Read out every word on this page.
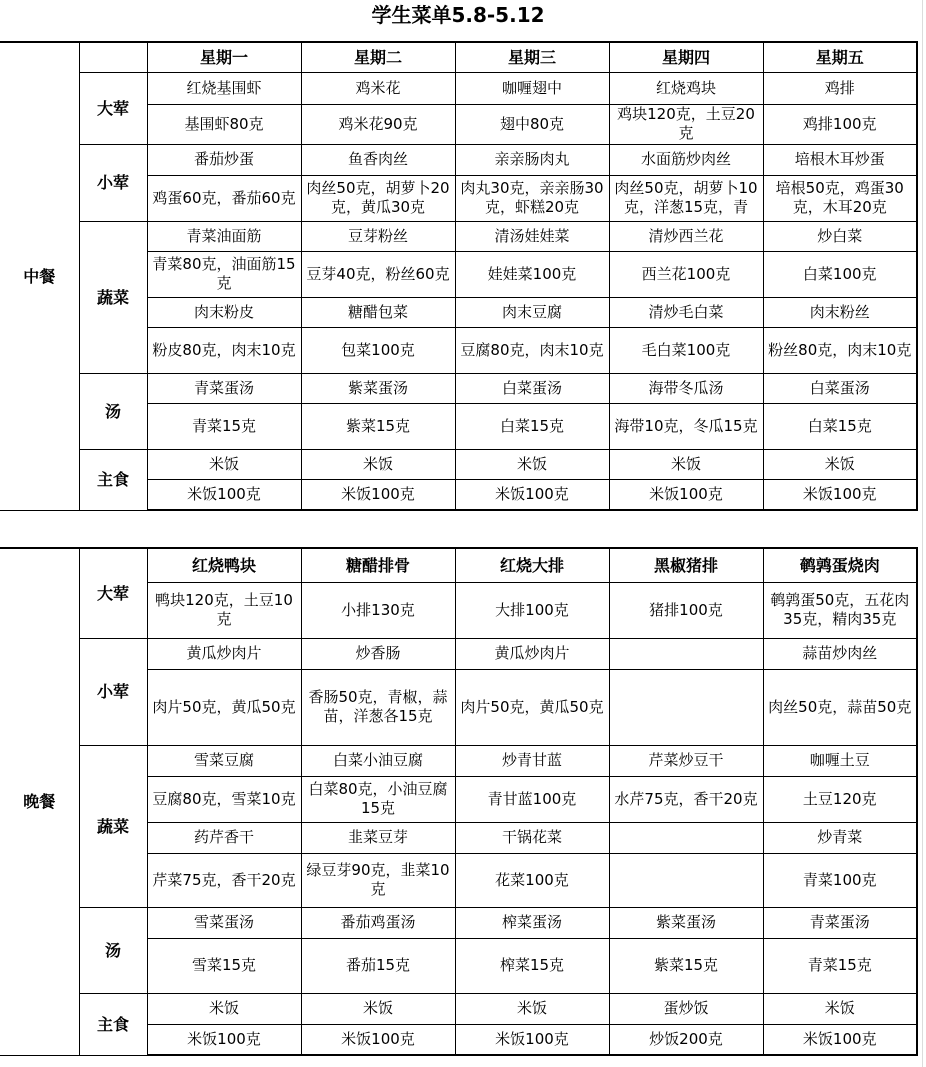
学生菜单5.8-5.12
中餐		星期一	星期二	星期三	星期四	星期五
	大荤	红烧基围虾	鸡米花	咖喱翅中	红烧鸡块	鸡排
		基围虾80克	鸡米花90克	翅中80克	鸡块120克，土豆20克	鸡排100克
	小荤	番茄炒蛋	鱼香肉丝	亲亲肠肉丸	水面筋炒肉丝	培根木耳炒蛋
		鸡蛋60克，番茄60克	肉丝50克，胡萝卜20克，黄瓜30克	肉丸30克，亲亲肠30克，虾糕20克	肉丝50克，胡萝卜10克，洋葱15克，青	培根50克，鸡蛋30克，木耳20克
	蔬菜	青菜油面筋	豆芽粉丝	清汤娃娃菜	清炒西兰花	炒白菜
		青菜80克，油面筋15克	豆芽40克，粉丝60克	娃娃菜100克	西兰花100克	白菜100克
		肉末粉皮	糖醋包菜	肉末豆腐	清炒毛白菜	肉末粉丝
		粉皮80克，肉末10克	包菜100克	豆腐80克，肉末10克	毛白菜100克	粉丝80克，肉末10克
	汤	青菜蛋汤	紫菜蛋汤	白菜蛋汤	海带冬瓜汤	白菜蛋汤
		青菜15克	紫菜15克	白菜15克	海带10克，冬瓜15克	白菜15克
	主食	米饭	米饭	米饭	米饭	米饭
		米饭100克	米饭100克	米饭100克	米饭100克	米饭100克
晚餐	大荤	红烧鸭块	糖醋排骨	红烧大排	黑椒猪排	鹌鹑蛋烧肉
		鸭块120克，土豆10克	小排130克	大排100克	猪排100克	鹌鹑蛋50克，五花肉35克，精肉35克
	小荤	黄瓜炒肉片	炒香肠	黄瓜炒肉片		蒜苗炒肉丝
		肉片50克，黄瓜50克	香肠50克，青椒，蒜苗，洋葱各15克	肉片50克，黄瓜50克		肉丝50克，蒜苗50克
	蔬菜	雪菜豆腐	白菜小油豆腐	炒青甘蓝	芹菜炒豆干	咖喱土豆
		豆腐80克，雪菜10克	白菜80克，小油豆腐15克	青甘蓝100克	水芹75克，香干20克	土豆120克
		药芹香干	韭菜豆芽	干锅花菜		炒青菜
		芹菜75克，香干20克	绿豆芽90克，韭菜10克	花菜100克		青菜100克
	汤	雪菜蛋汤	番茄鸡蛋汤	榨菜蛋汤	紫菜蛋汤	青菜蛋汤
		雪菜15克	番茄15克	榨菜15克	紫菜15克	青菜15克
	主食	米饭	米饭	米饭	蛋炒饭	米饭
		米饭100克	米饭100克	米饭100克	炒饭200克	米饭100克
